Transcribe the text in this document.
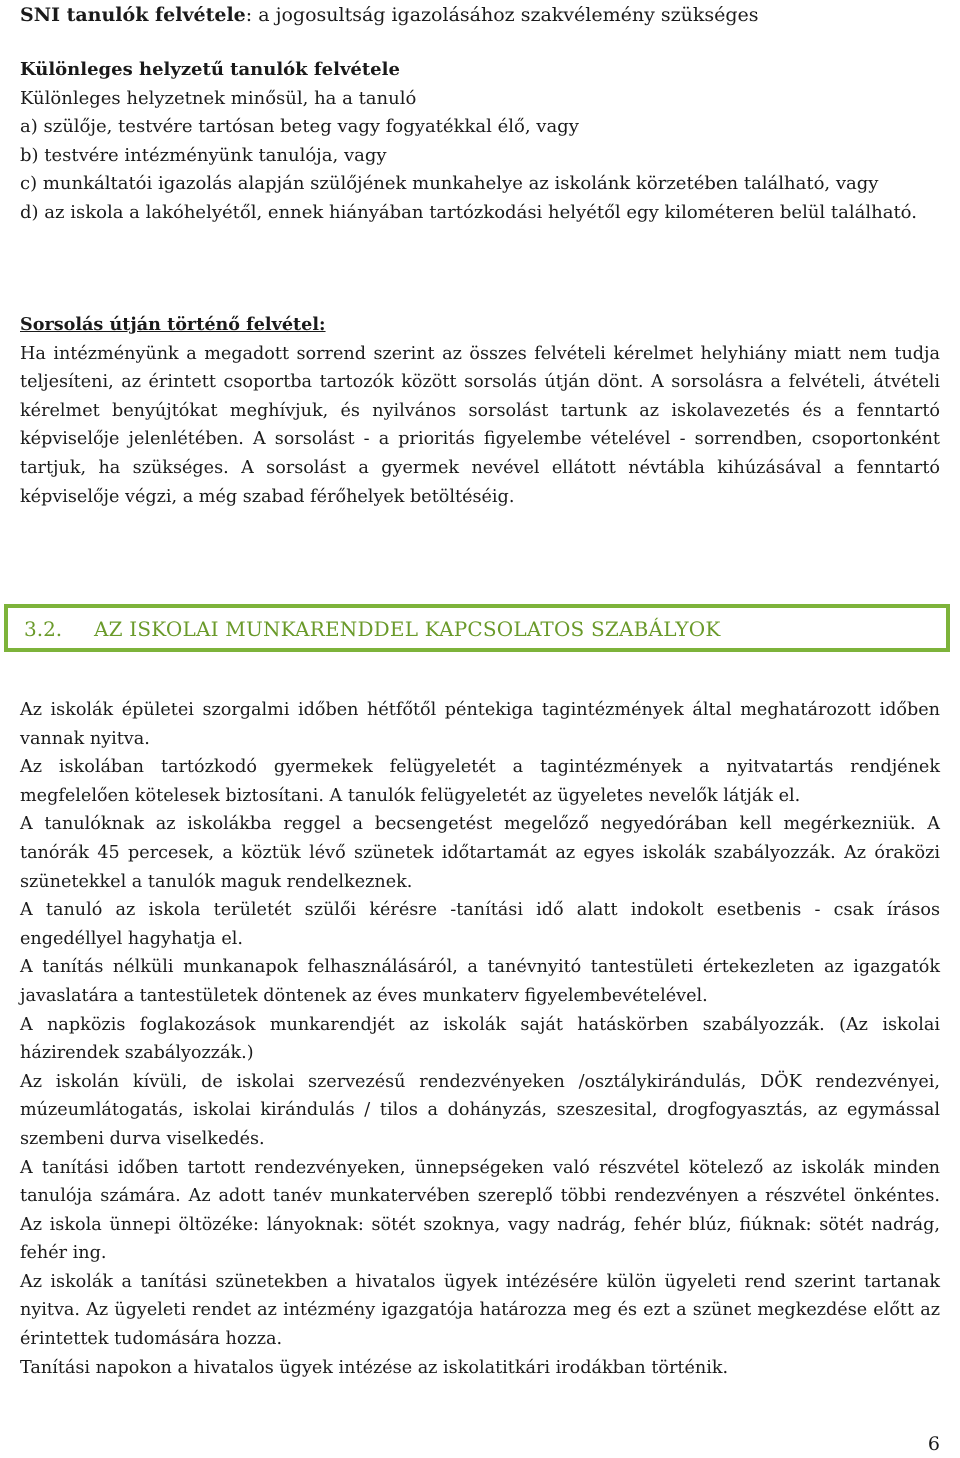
SNI tanulók felvétele: a jogosultság igazolásához szakvélemény szükséges
Különleges helyzetű tanulók felvétele
Különleges helyzetnek minősül, ha a tanuló
a) szülője, testvére tartósan beteg vagy fogyatékkal élő, vagy
b) testvére intézményünk tanulója, vagy
c) munkáltatói igazolás alapján szülőjének munkahelye az iskolánk körzetében található, vagy
d) az iskola a lakóhelyétől, ennek hiányában tartózkodási helyétől egy kilométeren belül található.
Sorsolás útján történő felvétel:
Ha intézményünk a megadott sorrend szerint az összes felvételi kérelmet helyhiány miatt nem tudja teljesíteni, az érintett csoportba tartozók között sorsolás útján dönt. A sorsolásra a felvételi, átvételi kérelmet benyújtókat meghívjuk, és nyilvános sorsolást tartunk az iskolavezetés és a fenntartó képviselője jelenlétében. A sorsolást - a prioritás figyelembe vételével - sorrendben, csoportonként tartjuk, ha szükséges. A sorsolást a gyermek nevével ellátott névtábla kihúzásával a fenntartó képviselője végzi, a még szabad férőhelyek betöltéséig.
3.2. AZ ISKOLAI MUNKARENDDEL KAPCSOLATOS SZABÁLYOK

Az iskolák épületei szorgalmi időben hétfőtől péntekiga tagintézmények által meghatározott időben vannak nyitva.

Az iskolában tartózkodó gyermekek felügyeletét a tagintézmények a nyitvatartás rendjének megfelelően kötelesek biztosítani. A tanulók felügyeletét az ügyeletes nevelők látják el.

A tanulóknak az iskolákba reggel a becsengetést megelőző negyedórában kell megérkezniük. A tanórák 45 percesek, a köztük lévő szünetek időtartamát az egyes iskolák szabályozzák. Az óraközi szünetekkel a tanulók maguk rendelkeznek.

A tanuló az iskola területét szülői kérésre -tanítási idő alatt indokolt esetbenis - csak írásos engedéllyel hagyhatja el.

A tanítás nélküli munkanapok felhasználásáról, a tanévnyitó tantestületi értekezleten az igazgatók javaslatára a tantestületek döntenek az éves munkaterv figyelembevételével.

A napközis foglakozások munkarendjét az iskolák saját hatáskörben szabályozzák. (Az iskolai házirendek szabályozzák.)

Az iskolán kívüli, de iskolai szervezésű rendezvényeken /osztálykirándulás, DÖK rendezvényei, múzeumlátogatás, iskolai kirándulás / tilos a dohányzás, szeszesital, drogfogyasztás, az egymással szembeni durva viselkedés.

A tanítási időben tartott rendezvényeken, ünnepségeken való részvétel kötelező az iskolák minden tanulója számára. Az adott tanév munkatervében szereplő többi rendezvényen a részvétel önkéntes. Az iskola ünnepi öltözéke: lányoknak: sötét szoknya, vagy nadrág, fehér blúz, fiúknak: sötét nadrág, fehér ing.

Az iskolák a tanítási szünetekben a hivatalos ügyek intézésére külön ügyeleti rend szerint tartanak nyitva. Az ügyeleti rendet az intézmény igazgatója határozza meg és ezt a szünet megkezdése előtt az érintettek tudomására hozza.

Tanítási napokon a hivatalos ügyek intézése az iskolatitkári irodákban történik.

6
